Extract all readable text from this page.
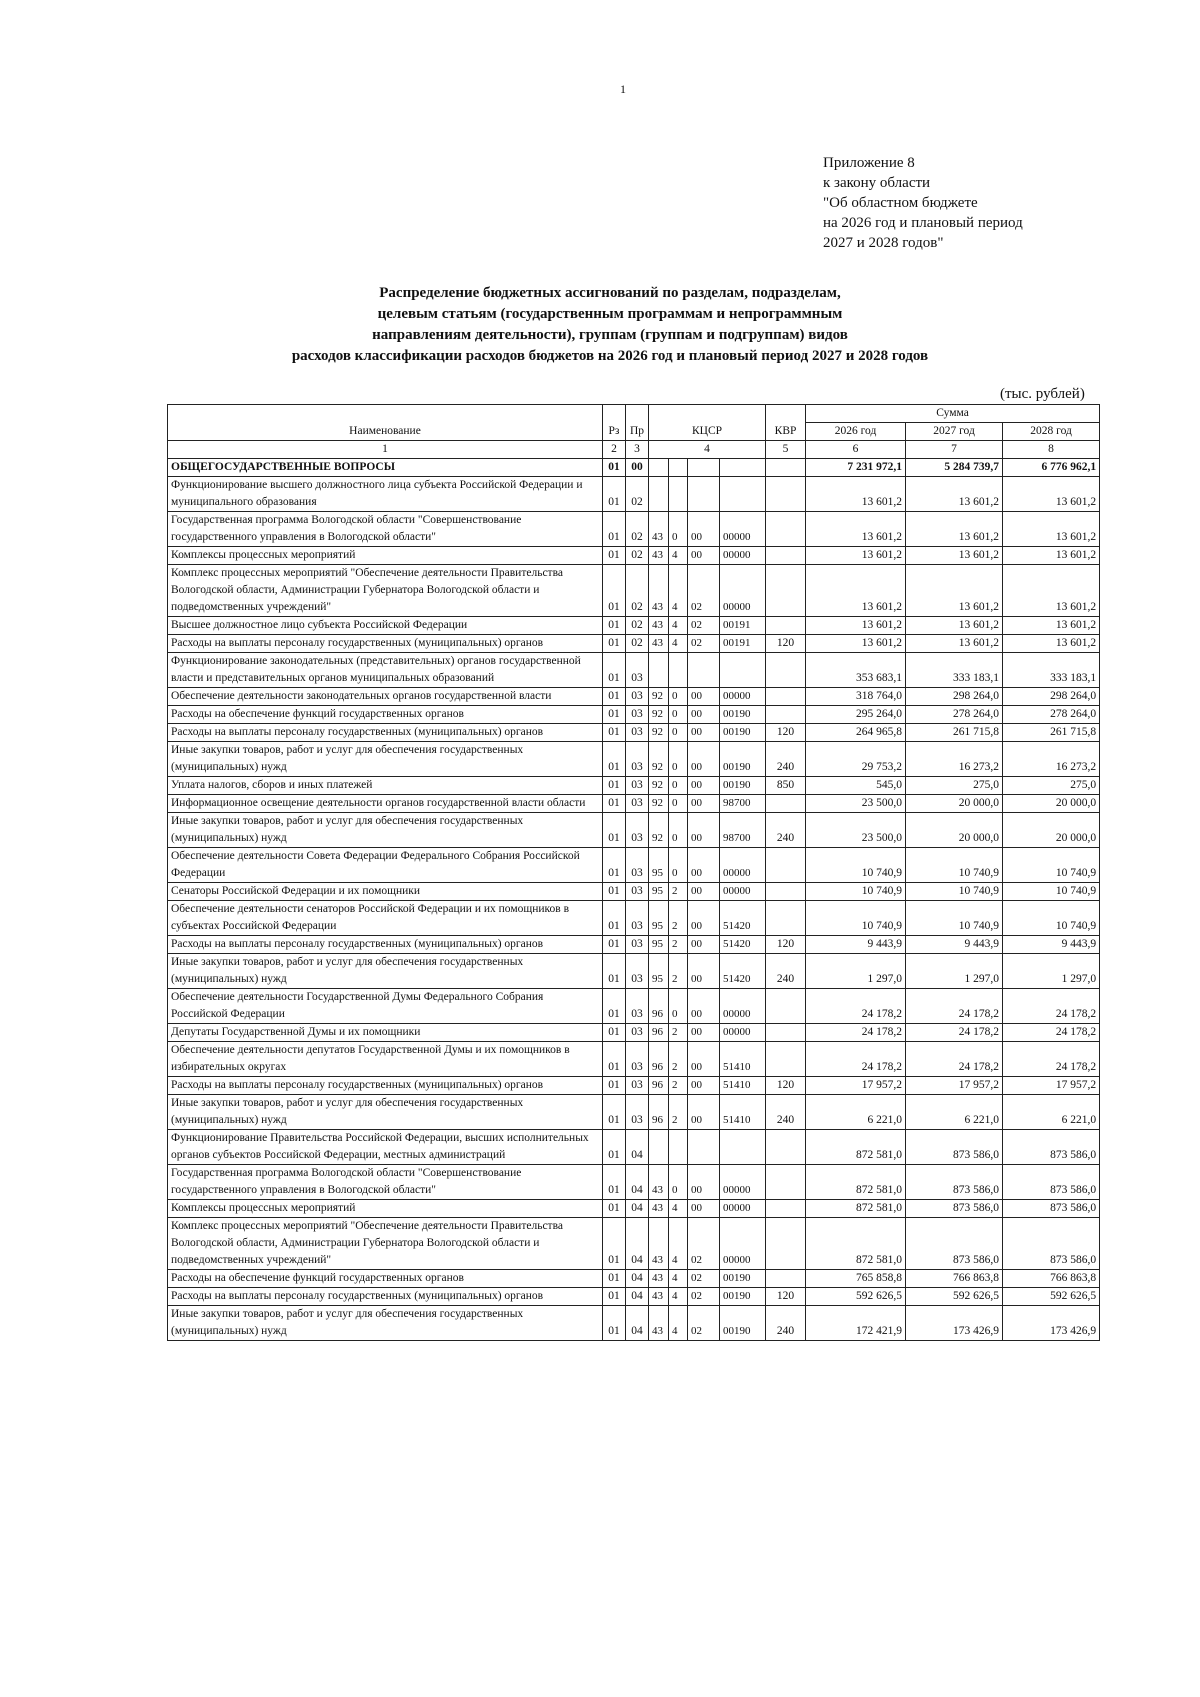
1
Приложение 8
к закону области
"Об областном бюджете
на 2026 год и плановый период
2027 и 2028 годов"
Распределение бюджетных ассигнований по разделам, подразделам,
целевым статьям (государственным программам и непрограммным
направлениям деятельности), группам (группам и подгруппам) видов
расходов классификации расходов бюджетов на 2026 год и плановый период 2027 и 2028 годов
(тыс. рублей)
Наименование	Рз	Пр	КЦСР				КВР	Сумма		
								2026 год	2027 год	2028 год
1	2	3	4				5	6	7	8
ОБЩЕГОСУДАРСТВЕННЫЕ ВОПРОСЫ	01	00						7 231 972,1	5 284 739,7	6 776 962,1
Функционирование высшего должностного лица субъекта Российской Федерации и муниципального образования	01	02						13 601,2	13 601,2	13 601,2
Государственная программа Вологодской области "Совершенствование государственного управления в Вологодской области"	01	02	43	0	00	00000		13 601,2	13 601,2	13 601,2
Комплексы процессных мероприятий	01	02	43	4	00	00000		13 601,2	13 601,2	13 601,2
Комплекс процессных мероприятий "Обеспечение деятельности Правительства Вологодской области, Администрации Губернатора Вологодской области и подведомственных учреждений"	01	02	43	4	02	00000		13 601,2	13 601,2	13 601,2
Высшее должностное лицо субъекта Российской Федерации	01	02	43	4	02	00191		13 601,2	13 601,2	13 601,2
Расходы на выплаты персоналу государственных (муниципальных) органов	01	02	43	4	02	00191	120	13 601,2	13 601,2	13 601,2
Функционирование законодательных (представительных) органов государственной власти и представительных органов муниципальных образований	01	03						353 683,1	333 183,1	333 183,1
Обеспечение деятельности законодательных органов государственной власти	01	03	92	0	00	00000		318 764,0	298 264,0	298 264,0
Расходы на обеспечение функций государственных органов	01	03	92	0	00	00190		295 264,0	278 264,0	278 264,0
Расходы на выплаты персоналу государственных (муниципальных) органов	01	03	92	0	00	00190	120	264 965,8	261 715,8	261 715,8
Иные закупки товаров, работ и услуг для обеспечения государственных (муниципальных) нужд	01	03	92	0	00	00190	240	29 753,2	16 273,2	16 273,2
Уплата налогов, сборов и иных платежей	01	03	92	0	00	00190	850	545,0	275,0	275,0
Информационное освещение деятельности органов государственной власти области	01	03	92	0	00	98700		23 500,0	20 000,0	20 000,0
Иные закупки товаров, работ и услуг для обеспечения государственных (муниципальных) нужд	01	03	92	0	00	98700	240	23 500,0	20 000,0	20 000,0
Обеспечение деятельности Совета Федерации Федерального Собрания Российской Федерации	01	03	95	0	00	00000		10 740,9	10 740,9	10 740,9
Сенаторы Российской Федерации и их помощники	01	03	95	2	00	00000		10 740,9	10 740,9	10 740,9
Обеспечение деятельности сенаторов Российской Федерации и их помощников в субъектах Российской Федерации	01	03	95	2	00	51420		10 740,9	10 740,9	10 740,9
Расходы на выплаты персоналу государственных (муниципальных) органов	01	03	95	2	00	51420	120	9 443,9	9 443,9	9 443,9
Иные закупки товаров, работ и услуг для обеспечения государственных (муниципальных) нужд	01	03	95	2	00	51420	240	1 297,0	1 297,0	1 297,0
Обеспечение деятельности Государственной Думы Федерального Собрания Российской Федерации	01	03	96	0	00	00000		24 178,2	24 178,2	24 178,2
Депутаты Государственной Думы и их помощники	01	03	96	2	00	00000		24 178,2	24 178,2	24 178,2
Обеспечение деятельности депутатов Государственной Думы и их помощников в избирательных округах	01	03	96	2	00	51410		24 178,2	24 178,2	24 178,2
Расходы на выплаты персоналу государственных (муниципальных) органов	01	03	96	2	00	51410	120	17 957,2	17 957,2	17 957,2
Иные закупки товаров, работ и услуг для обеспечения государственных (муниципальных) нужд	01	03	96	2	00	51410	240	6 221,0	6 221,0	6 221,0
Функционирование Правительства Российской Федерации, высших исполнительных органов субъектов Российской Федерации, местных администраций	01	04						872 581,0	873 586,0	873 586,0
Государственная программа Вологодской области "Совершенствование государственного управления в Вологодской области"	01	04	43	0	00	00000		872 581,0	873 586,0	873 586,0
Комплексы процессных мероприятий	01	04	43	4	00	00000		872 581,0	873 586,0	873 586,0
Комплекс процессных мероприятий "Обеспечение деятельности Правительства Вологодской области, Администрации Губернатора Вологодской области и подведомственных учреждений"	01	04	43	4	02	00000		872 581,0	873 586,0	873 586,0
Расходы на обеспечение функций государственных органов	01	04	43	4	02	00190		765 858,8	766 863,8	766 863,8
Расходы на выплаты персоналу государственных (муниципальных) органов	01	04	43	4	02	00190	120	592 626,5	592 626,5	592 626,5
Иные закупки товаров, работ и услуг для обеспечения государственных (муниципальных) нужд	01	04	43	4	02	00190	240	172 421,9	173 426,9	173 426,9
